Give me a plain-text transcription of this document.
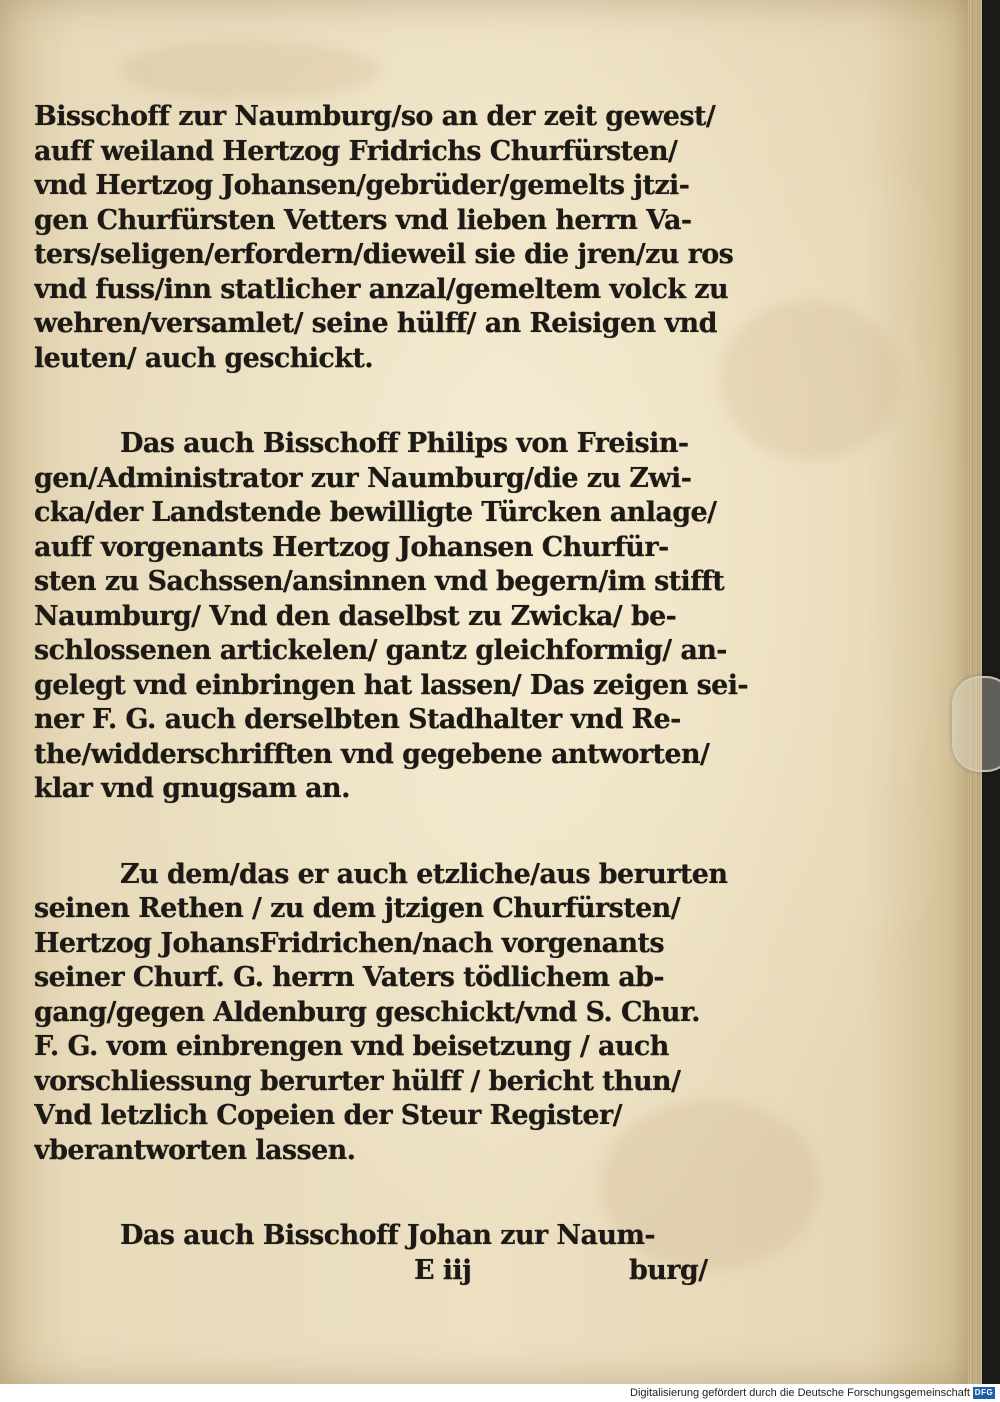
Bisschoff zur Naumburg/so an der zeit gewest/
auff weiland Hertzog Fridrichs Churfürsten/
vnd Hertzog Johansen/gebrüder/gemelts jtzi-
gen Churfürsten Vetters vnd lieben herrn Va-
ters/seligen/erfordern/dieweil sie die jren/zu ros
vnd fuss/inn statlicher anzal/gemeltem volck zu
wehren/versamlet/ seine hülff/ an Reisigen vnd
leuten/ auch geschickt.
Das auch Bisschoff Philips von Freisin-
gen/Administrator zur Naumburg/die zu Zwi-
cka/der Landstende bewilligte Türcken anlage/
auff vorgenants Hertzog Johansen Churfür-
sten zu Sachssen/ansinnen vnd begern/im stifft
Naumburg/ Vnd den daselbst zu Zwicka/ be-
schlossenen artickelen/ gantz gleichformig/ an-
gelegt vnd einbringen hat lassen/ Das zeigen sei-
ner F. G. auch derselbten Stadhalter vnd Re-
the/widderschrifften vnd gegebene antworten/
klar vnd gnugsam an.
Zu dem/das er auch etzliche/aus berurten
seinen Rethen / zu dem jtzigen Churfürsten/
Hertzog JohansFridrichen/nach vorgenants
seiner Churf. G. herrn Vaters tödlichem ab-
gang/gegen Aldenburg geschickt/vnd S. Chur.
F. G. vom einbrengen vnd beisetzung / auch
vorschliessung berurter hülff / bericht thun/
Vnd letzlich Copeien der Steur Register/
vberantworten lassen.
Das auch Bisschoff Johan zur Naum-
E iij	burg/
Digitalisierung gefördert durch die Deutsche Forschungsgemeinschaft DFG
